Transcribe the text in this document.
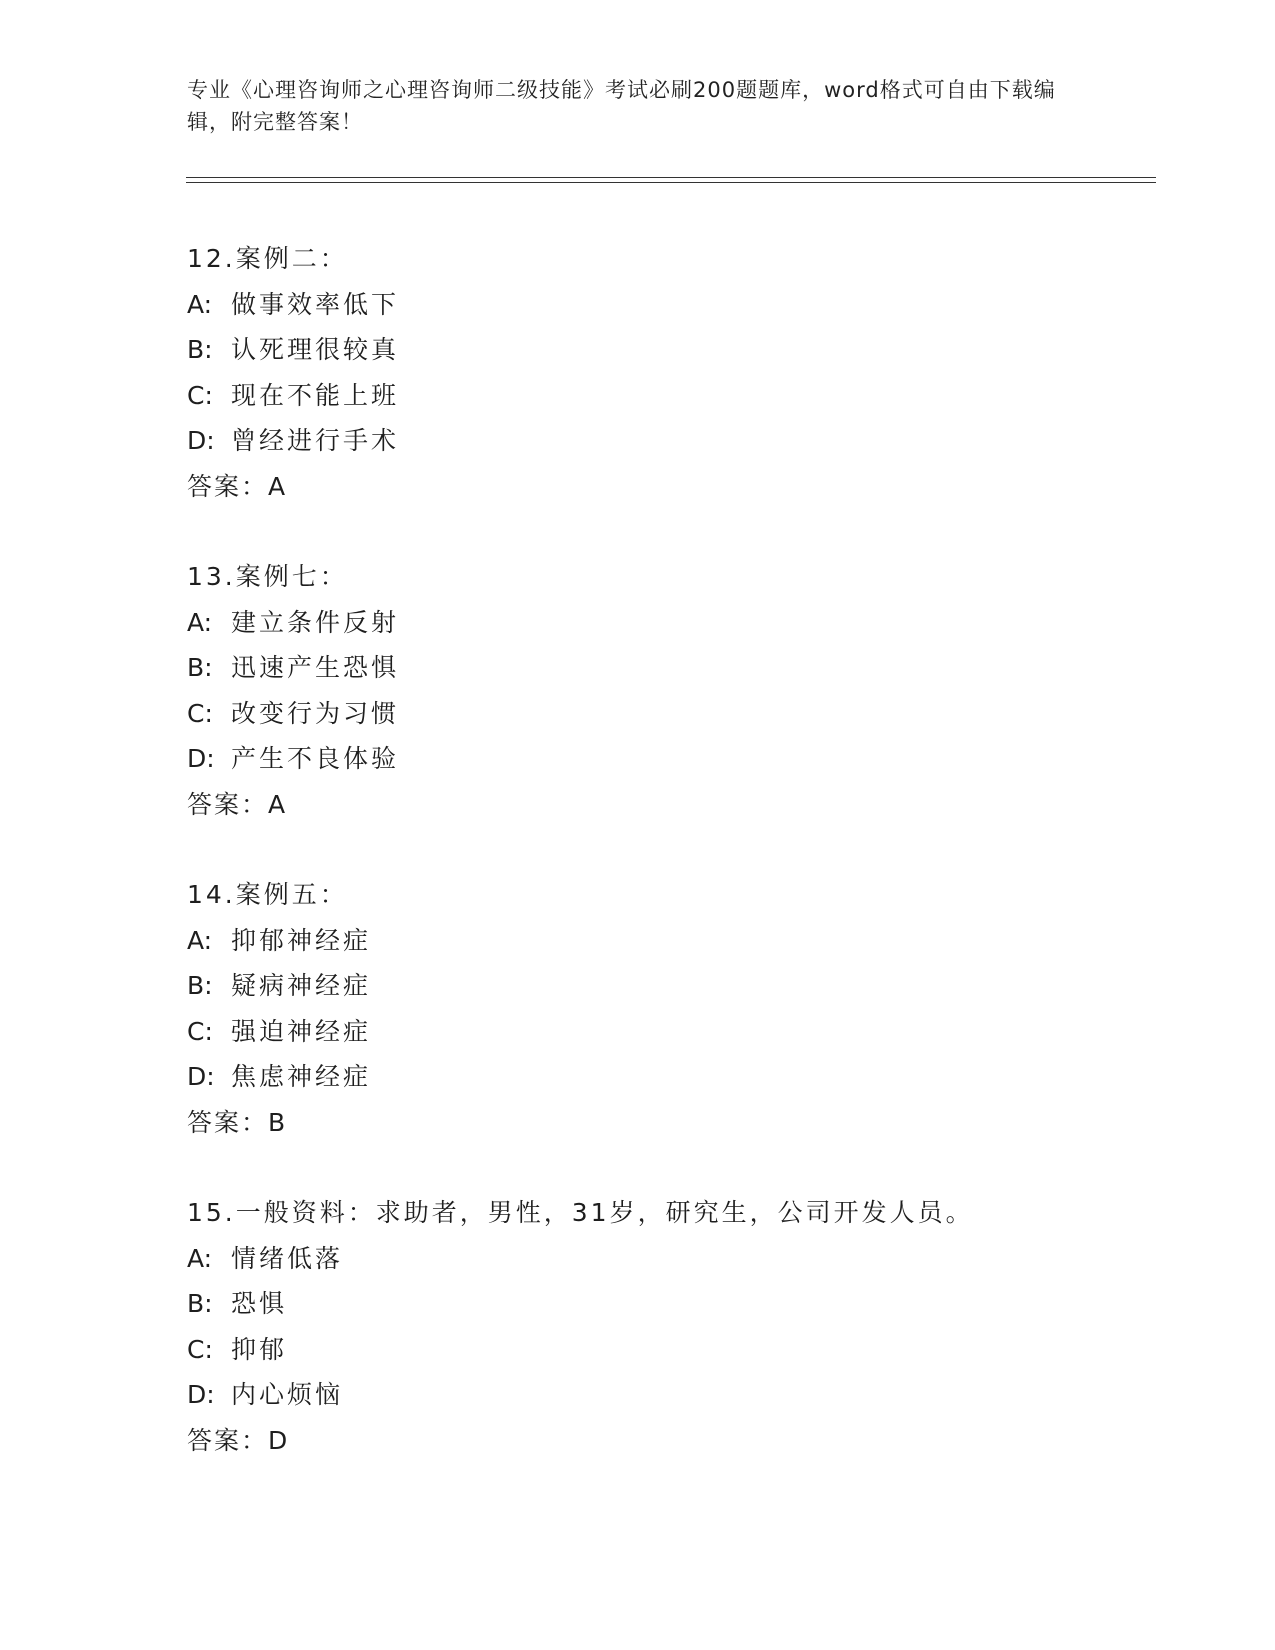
专业《心理咨询师之心理咨询师二级技能》考试必刷200题题库，word格式可自由下载编辑，附完整答案！
12.案例二：
A: 做事效率低下
B: 认死理很较真
C: 现在不能上班
D: 曾经进行手术
答案：A
13.案例七：
A: 建立条件反射
B: 迅速产生恐惧
C: 改变行为习惯
D: 产生不良体验
答案：A
14.案例五：
A: 抑郁神经症
B: 疑病神经症
C: 强迫神经症
D: 焦虑神经症
答案：B
15.一般资料：求助者，男性，31岁，研究生，公司开发人员。
A: 情绪低落
B: 恐惧
C: 抑郁
D: 内心烦恼
答案：D
